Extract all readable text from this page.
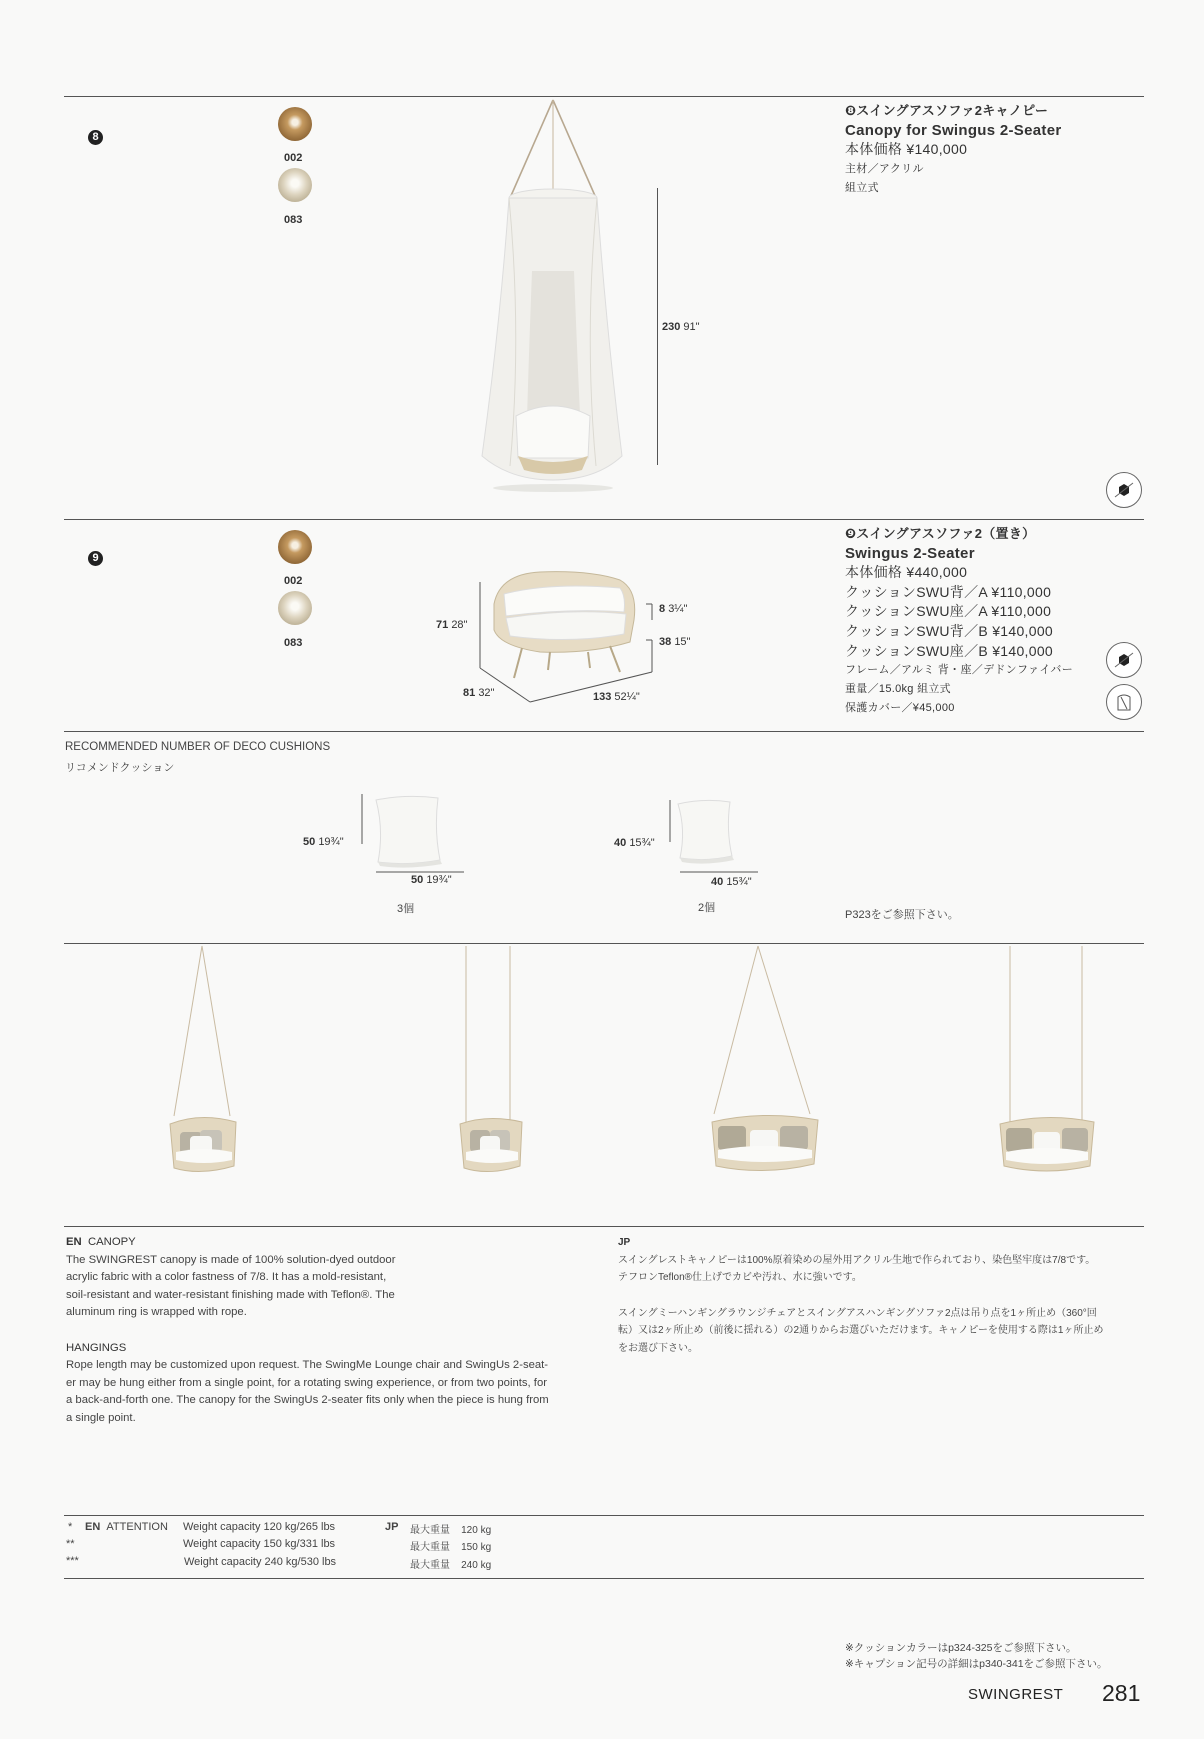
8
002
083
230 91"
❽スイングアスソファ2キャノピー
Canopy for Swingus 2-Seater
本体価格 ¥140,000
主材／アクリル
組立式
9
002
083
71 28"
8 3¼"
38 15"
81 32"	133 52¼"
❾スイングアスソファ2（置き）
Swingus 2-Seater
本体価格 ¥440,000
クッションSWU背／A ¥110,000
クッションSWU座／A ¥110,000
クッションSWU背／B ¥140,000
クッションSWU座／B ¥140,000
フレーム／アルミ 背・座／デドンファイバー
重量／15.0kg 組立式
保護カバー／¥45,000
RECOMMENDED NUMBER OF DECO CUSHIONS
リコメンドクッション
50 19¾"
50 19¾"
3個
40 15¾"
40 15¾"
2個
P323をご参照下さい。
EN CANOPY
The SWINGREST canopy is made of 100% solution-dyed outdoor
acrylic fabric with a color fastness of 7/8. It has a mold-resistant,
soil-resistant and water-resistant finishing made with Teflon®. The
aluminum ring is wrapped with rope.
HANGINGS
Rope length may be customized upon request. The SwingMe Lounge chair and SwingUs 2-seat-
er may be hung either from a single point, for a rotating swing experience, or from two points, for
a back-and-forth one. The canopy for the SwingUs 2-seater fits only when the piece is hung from
a single point.
JP
スイングレストキャノピーは100%原着染めの屋外用アクリル生地で作られており、染色堅牢度は7/8です。
テフロンTeflon®仕上げでカビや汚れ、水に強いです。
スイングミーハンギングラウンジチェアとスイングアスハンギングソファ2点は吊り点を1ヶ所止め（360°回
転）又は2ヶ所止め（前後に揺れる）の2通りからお選びいただけます。キャノピーを使用する際は1ヶ所止め
をお選び下さい。
*
**
***
EN ATTENTION Weight capacity 120 kg/265 lbs
Weight capacity 150 kg/331 lbs
Weight capacity 240 kg/530 lbs
JP 最大重量 120 kg
最大重量 150 kg
最大重量 240 kg
※クッションカラーはp324-325をご参照下さい。
※キャプション記号の詳細はp340-341をご参照下さい。
SWINGREST 281
